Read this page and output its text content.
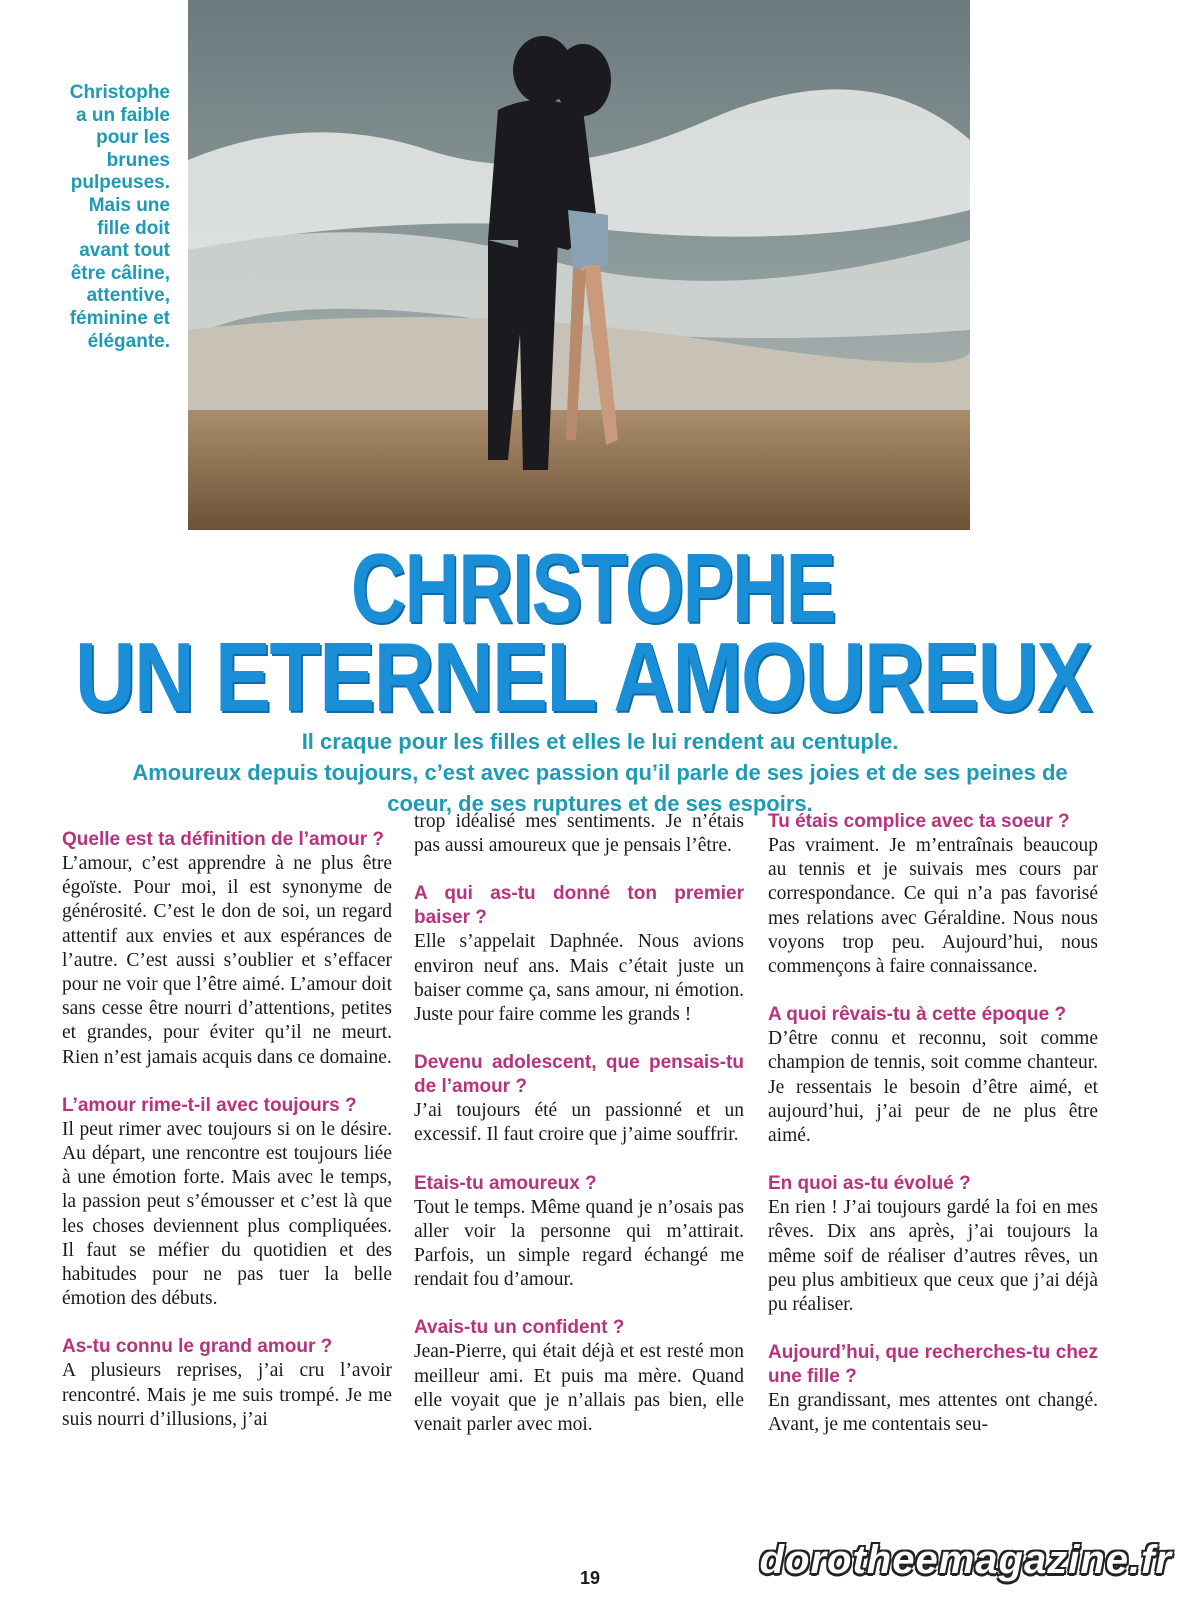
Christophe
a un faible
pour les
brunes
pulpeuses.
Mais une
fille doit
avant tout
être câline,
attentive,
féminine et
élégante.
CHRISTOPHE
UN ETERNEL AMOUREUX
Il craque pour les filles et elles le lui rendent au centuple.
Amoureux depuis toujours, c’est avec passion qu’il parle de ses joies et de ses peines de
coeur, de ses ruptures et de ses espoirs.

Quelle est ta définition de l’amour ?

L’amour, c’est apprendre à ne plus être égoïste. Pour moi, il est synonyme de générosité. C’est le don de soi, un regard attentif aux envies et aux espérances de l’autre. C’est aussi s’oublier et s’effacer pour ne voir que l’être aimé. L’amour doit sans cesse être nourri d’attentions, petites et grandes, pour éviter qu’il ne meurt. Rien n’est jamais acquis dans ce domaine.

L’amour rime-t-il avec toujours ?

Il peut rimer avec toujours si on le désire. Au départ, une rencontre est toujours liée à une émotion forte. Mais avec le temps, la passion peut s’émousser et c’est là que les choses deviennent plus compliquées. Il faut se méfier du quotidien et des habitudes pour ne pas tuer la belle émotion des débuts.

As-tu connu le grand amour ?

A plusieurs reprises, j’ai cru l’avoir rencontré. Mais je me suis trompé. Je me suis nourri d’illusions, j’ai

trop idéalisé mes sentiments. Je n’étais pas aussi amoureux que je pensais l’être.

A qui as-tu donné ton premier baiser ?

Elle s’appelait Daphnée. Nous avions environ neuf ans. Mais c’était juste un baiser comme ça, sans amour, ni émotion. Juste pour faire comme les grands !

Devenu adolescent, que pensais-tu de l’amour ?

J’ai toujours été un passionné et un excessif. Il faut croire que j’aime souffrir.

Etais-tu amoureux ?

Tout le temps. Même quand je n’osais pas aller voir la personne qui m’attirait. Parfois, un simple regard échangé me rendait fou d’amour.

Avais-tu un confident ?

Jean-Pierre, qui était déjà et est resté mon meilleur ami. Et puis ma mère. Quand elle voyait que je n’allais pas bien, elle venait parler avec moi.

Tu étais complice avec ta soeur ?

Pas vraiment. Je m’entraînais beaucoup au tennis et je suivais mes cours par correspondance. Ce qui n’a pas favorisé mes relations avec Géraldine. Nous nous voyons trop peu. Aujourd’hui, nous commençons à faire connaissance.

A quoi rêvais-tu à cette époque ?

D’être connu et reconnu, soit comme champion de tennis, soit comme chanteur. Je ressentais le besoin d’être aimé, et aujourd’hui, j’ai peur de ne plus être aimé.

En quoi as-tu évolué ?

En rien ! J’ai toujours gardé la foi en mes rêves. Dix ans après, j’ai toujours la même soif de réaliser d’autres rêves, un peu plus ambitieux que ceux que j’ai déjà pu réaliser.

Aujourd’hui, que recherches-tu chez une fille ?

En grandissant, mes attentes ont changé. Avant, je me contentais seu-

19	dorotheemagazine.fr
